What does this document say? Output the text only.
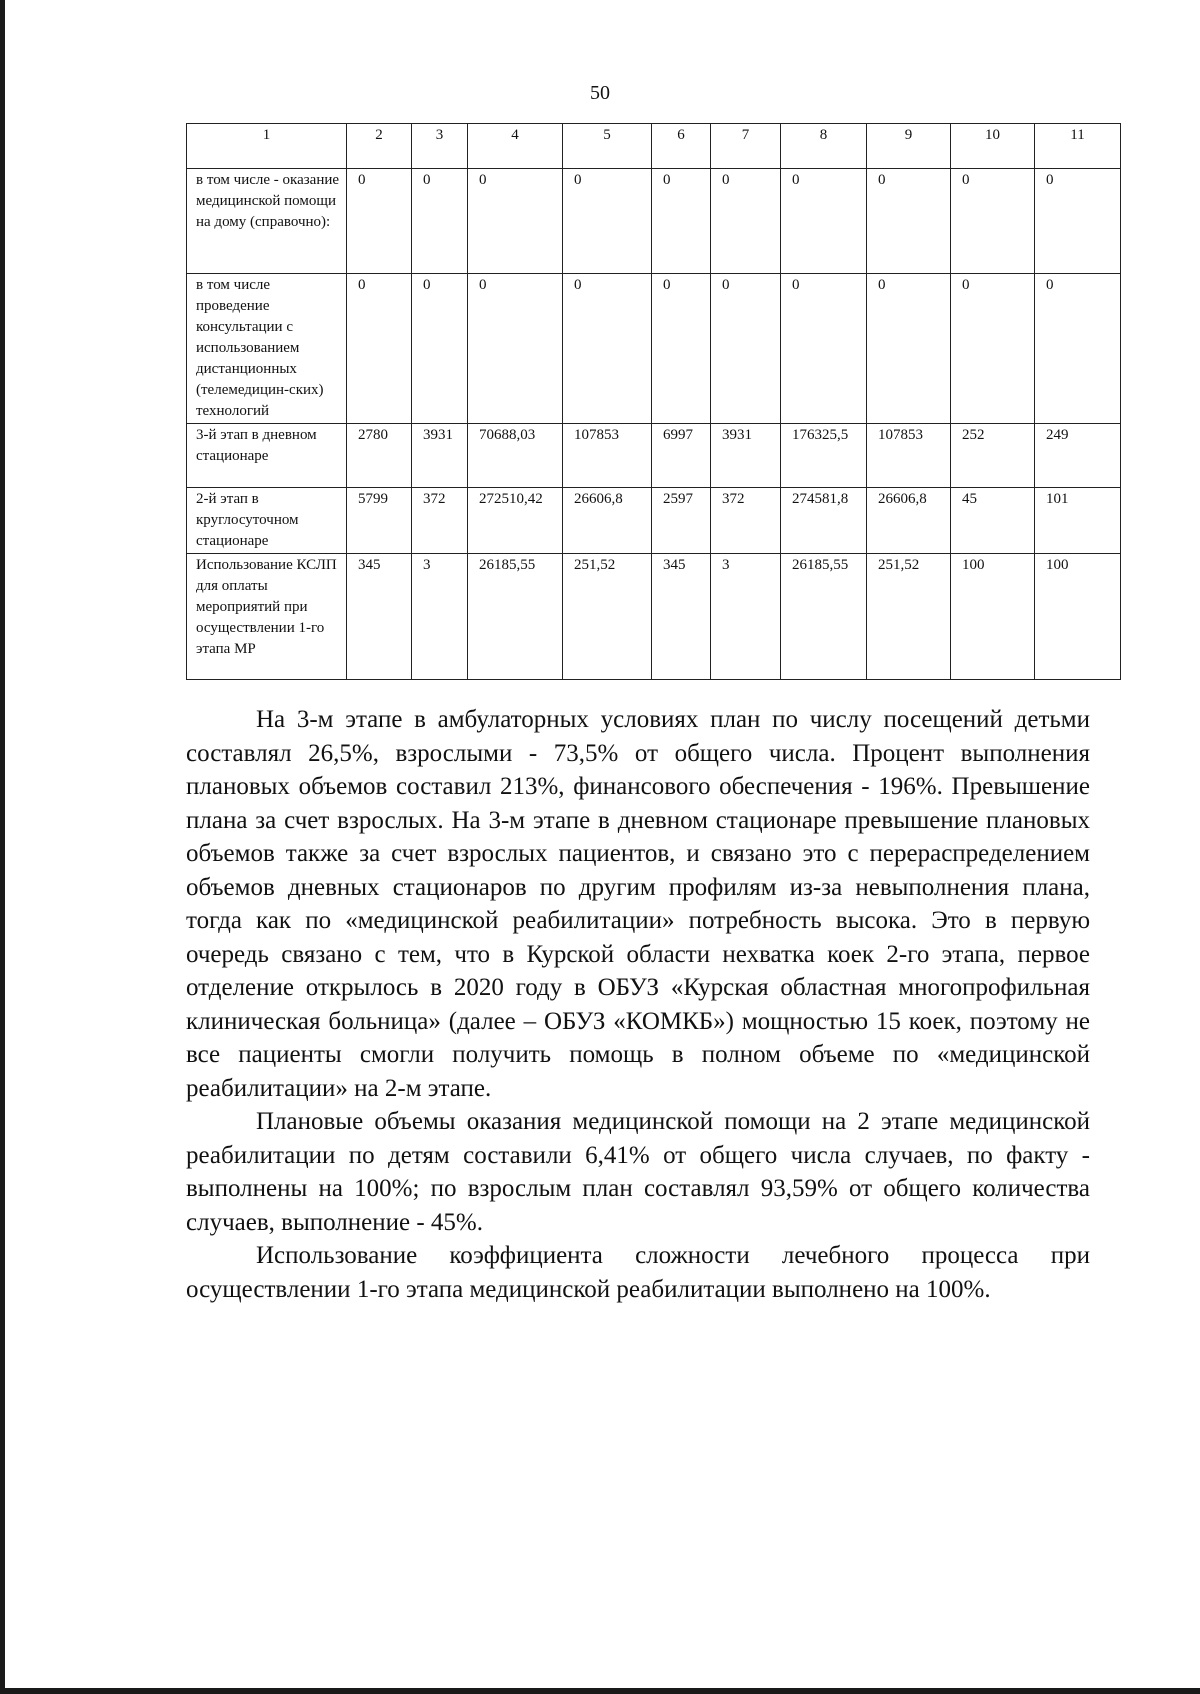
50
1	2	3	4	5	6	7	8	9	10	11
в том числе - оказание медицинской помощи на дому (справочно):	0	0	0	0	0	0	0	0	0	0
в том числе проведение консультации с использованием дистанционных (телемедицин-ских) технологий	0	0	0	0	0	0	0	0	0	0
3-й этап в дневном стационаре	2780	3931	70688,03	107853	6997	3931	176325,5	107853	252	249
2-й этап в круглосуточном стационаре	5799	372	272510,42	26606,8	2597	372	274581,8	26606,8	45	101
Использование КСЛП для оплаты мероприятий при осуществлении 1-го этапа МР	345	3	26185,55	251,52	345	3	26185,55	251,52	100	100

На 3-м этапе в амбулаторных условиях план по числу посещений детьми составлял 26,5%, взрослыми - 73,5% от общего числа. Процент выполнения плановых объемов составил 213%, финансового обеспечения - 196%. Превышение плана за счет взрослых. На 3-м этапе в дневном стационаре превышение плановых объемов также за счет взрослых пациентов, и связано это с перераспределением объемов дневных стационаров по другим профилям из-за невыполнения плана, тогда как по «медицинской реабилитации» потребность высока. Это в первую очередь связано с тем, что в Курской области нехватка коек 2-го этапа, первое отделение открылось в 2020 году в ОБУЗ «Курская областная многопрофильная клиническая больница» (далее – ОБУЗ «КОМКБ») мощностью 15 коек, поэтому не все пациенты смогли получить помощь в полном объеме по «медицинской реабилитации» на 2-м этапе.

Плановые объемы оказания медицинской помощи на 2 этапе медицинской реабилитации по детям составили 6,41% от общего числа случаев, по факту - выполнены на 100%; по взрослым план составлял 93,59% от общего количества случаев, выполнение - 45%.

Использование коэффициента сложности лечебного процесса при осуществлении 1-го этапа медицинской реабилитации выполнено на 100%.
